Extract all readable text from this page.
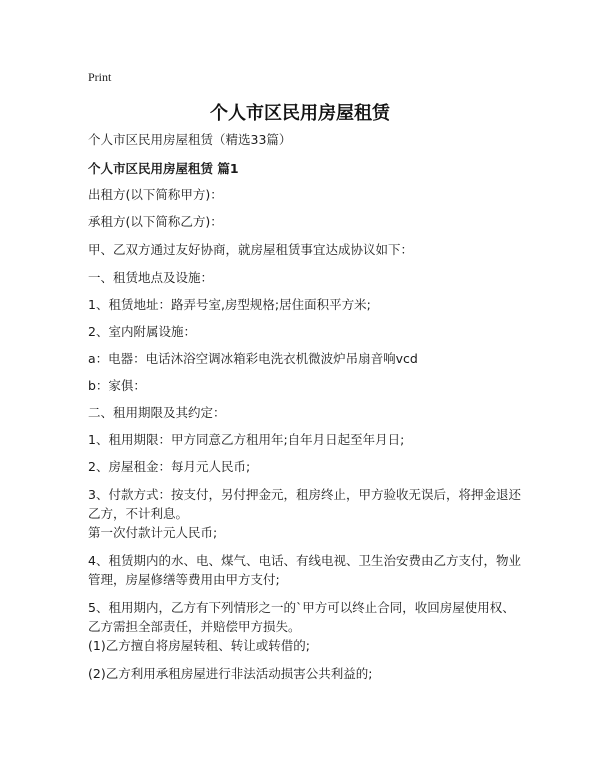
Print
个人市区民用房屋租赁
个人市区民用房屋租赁（精选33篇）
个人市区民用房屋租赁 篇1
出租方(以下简称甲方)：
承租方(以下简称乙方)：
甲、乙双方通过友好协商，就房屋租赁事宜达成协议如下：
一、租赁地点及设施：
1、租赁地址：路弄号室,房型规格;居住面积平方米;
2、室内附属设施：
a：电器：电话沐浴空调冰箱彩电洗衣机微波炉吊扇音响vcd
b：家俱：
二、租用期限及其约定：
1、租用期限：甲方同意乙方租用年;自年月日起至年月日;
2、房屋租金：每月元人民币;
3、付款方式：按支付，另付押金元，租房终止，甲方验收无误后，将押金退还乙方，不计利息。
第一次付款计元人民币;
4、租赁期内的水、电、煤气、电话、有线电视、卫生治安费由乙方支付，物业管理，房屋修缮等费用由甲方支付;
5、租用期内，乙方有下列情形之一的`甲方可以终止合同，收回房屋使用权、乙方需担全部责任，并赔偿甲方损失。
(1)乙方擅自将房屋转租、转让或转借的;
(2)乙方利用承租房屋进行非法活动损害公共利益的;
